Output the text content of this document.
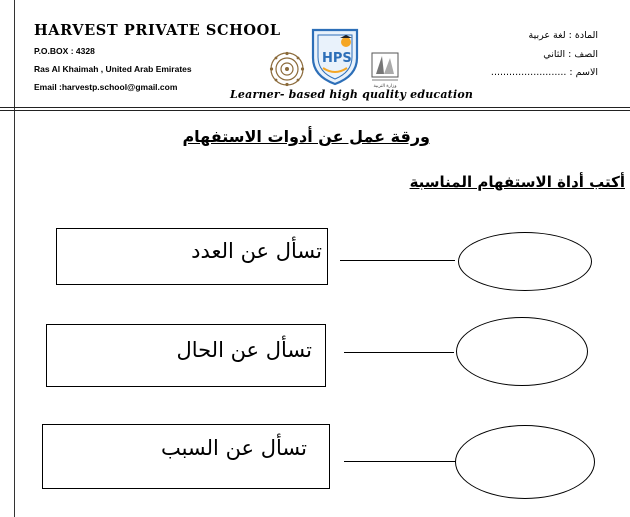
HARVEST PRIVATE SCHOOL
P.O.BOX : 4328
Ras Al Khaimah , United Arab Emirates
Email :harvestp.school@gmail.com
HPS
وزارة التربية
Learner- based high quality education
المادة : لغة عربية
الصف : الثاني
الاسم : .........................
ورقة عمل عن أدوات الاستفهام
أكتب أداة الاستفهام المناسبة
تسأل عن العدد
تسأل عن الحال
تسأل عن السبب
